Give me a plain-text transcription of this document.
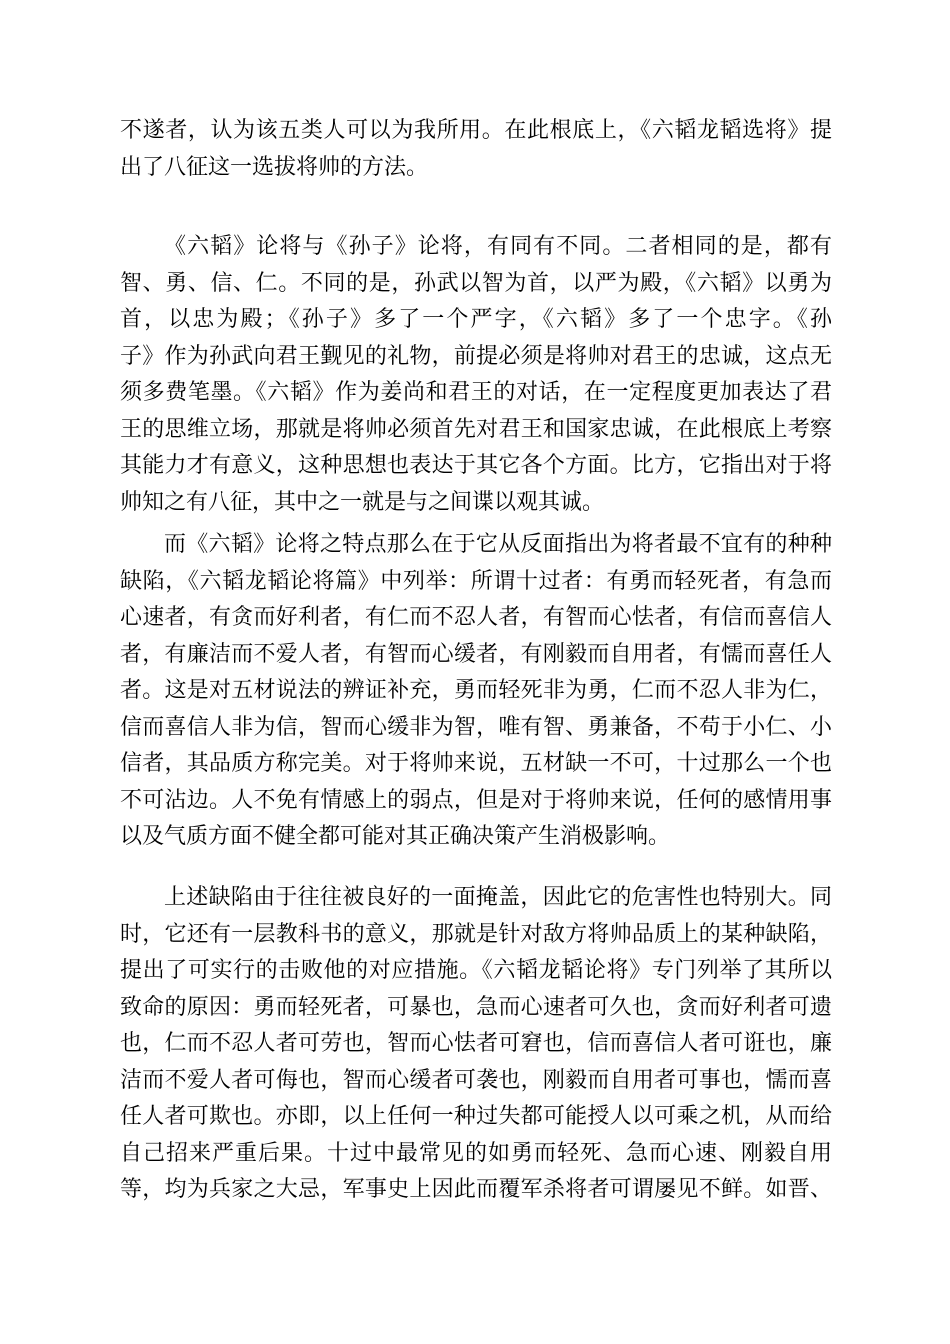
不遂者，认为该五类人可以为我所用。在此根底上，《六韬龙韬选将》提
出了八征这一选拔将帅的方法。
《六韬》论将与《孙子》论将，有同有不同。二者相同的是，都有
智、勇、信、仁。不同的是，孙武以智为首，以严为殿，《六韬》以勇为
首，以忠为殿；《孙子》多了一个严字，《六韬》多了一个忠字。《孙
子》作为孙武向君王觐见的礼物，前提必须是将帅对君王的忠诚，这点无
须多费笔墨。《六韬》作为姜尚和君王的对话，在一定程度更加表达了君
王的思维立场，那就是将帅必须首先对君王和国家忠诚，在此根底上考察
其能力才有意义，这种思想也表达于其它各个方面。比方，它指出对于将
帅知之有八征，其中之一就是与之间谍以观其诚。
而《六韬》论将之特点那么在于它从反面指出为将者最不宜有的种种
缺陷，《六韬龙韬论将篇》中列举：所谓十过者：有勇而轻死者，有急而
心速者，有贪而好利者，有仁而不忍人者，有智而心怯者，有信而喜信人
者，有廉洁而不爱人者，有智而心缓者，有刚毅而自用者，有懦而喜任人
者。这是对五材说法的辨证补充，勇而轻死非为勇，仁而不忍人非为仁，
信而喜信人非为信，智而心缓非为智，唯有智、勇兼备，不苟于小仁、小
信者，其品质方称完美。对于将帅来说，五材缺一不可，十过那么一个也
不可沾边。人不免有情感上的弱点，但是对于将帅来说，任何的感情用事
以及气质方面不健全都可能对其正确决策产生消极影响。
上述缺陷由于往往被良好的一面掩盖，因此它的危害性也特别大。同
时，它还有一层教科书的意义，那就是针对敌方将帅品质上的某种缺陷，
提出了可实行的击败他的对应措施。《六韬龙韬论将》专门列举了其所以
致命的原因：勇而轻死者，可暴也，急而心速者可久也，贪而好利者可遗
也，仁而不忍人者可劳也，智而心怯者可窘也，信而喜信人者可诳也，廉
洁而不爱人者可侮也，智而心缓者可袭也，刚毅而自用者可事也，懦而喜
任人者可欺也。亦即，以上任何一种过失都可能授人以可乘之机，从而给
自己招来严重后果。十过中最常见的如勇而轻死、急而心速、刚毅自用
等，均为兵家之大忌，军事史上因此而覆军杀将者可谓屡见不鲜。如晋、
